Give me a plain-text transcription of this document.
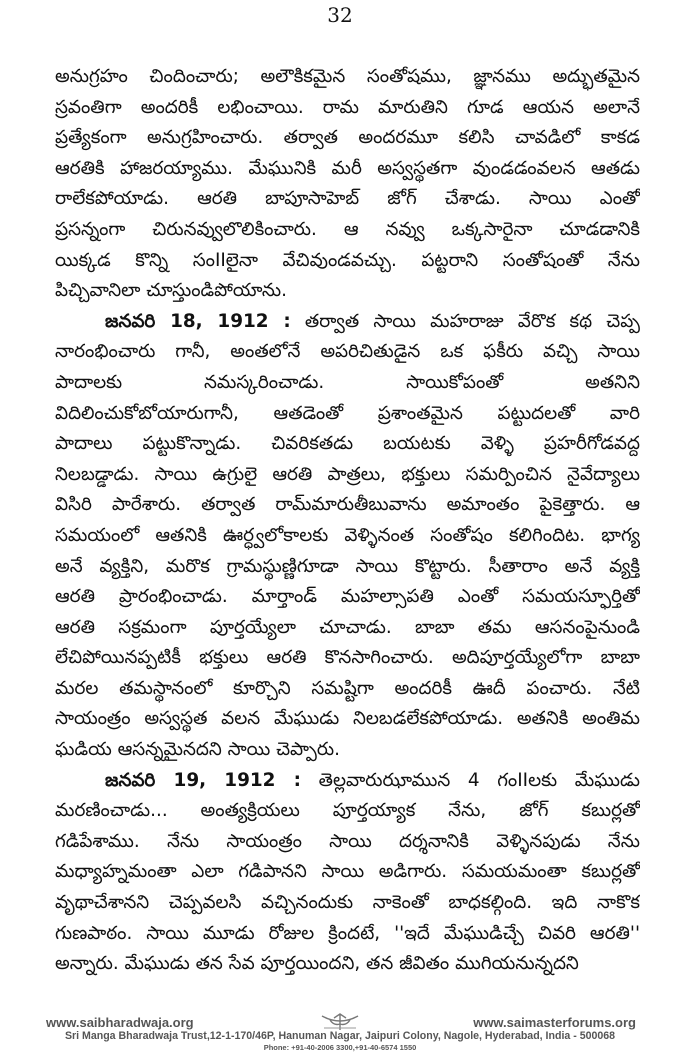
32
అనుగ్రహం చిందించారు; అలౌకికమైన సంతోషము, జ్ఞానము అద్భుతమైన
స్రవంతిగా అందరికీ లభించాయి. రామ మారుతిని గూడ ఆయన అలానే
ప్రత్యేకంగా అనుగ్రహించారు. తర్వాత అందరమూ కలిసి చావడిలో కాకడ
ఆరతికి హాజరయ్యాము. మేఘునికి మరీ అస్వస్థతగా వుండడంవలన ఆతడు
రాలేకపోయాడు. ఆరతి బాపూసాహెబ్ జోగ్ చేశాడు. సాయి ఎంతో
ప్రసన్నంగా చిరునవ్వులొలికించారు. ఆ నవ్వు ఒక్కసారైనా చూడడానికి
యిక్కడ కొన్ని సంIIలైనా వేచివుండవచ్చు. పట్టరాని సంతోషంతో నేను
పిచ్చివానిలా చూస్తుండిపోయాను.
జనవరి 18, 1912 : తర్వాత సాయి మహరాజు వేరొక కథ చెప్ప
నారంభించారు గానీ, అంతలోనే అపరిచితుడైన ఒక ఫకీరు వచ్చి సాయి
పాదాలకు నమస్కరించాడు. సాయికోపంతో అతనిని
విదిలించుకోబోయారుగానీ, ఆతడెంతో ప్రశాంతమైన పట్టుదలతో వారి
పాదాలు పట్టుకొన్నాడు. చివరికతడు బయటకు వెళ్ళి ప్రహరీగోడవద్ద
నిలబడ్డాడు. సాయి ఉగ్రులై ఆరతి పాత్రలు, భక్తులు సమర్పించిన నైవేద్యాలు
విసిరి పారేశారు. తర్వాత రామ్‌మారుతీబువాను అమాంతం పైకెత్తారు. ఆ
సమయంలో ఆతనికి ఊర్ధ్వలోకాలకు వెళ్ళినంత సంతోషం కలిగిందిట. భాగ్య
అనే వ్యక్తిని, మరొక గ్రామస్థుణ్ణిగూడా సాయి కొట్టారు. సీతారాం అనే వ్యక్తి
ఆరతి ప్రారంభించాడు. మార్తాండ్ మహల్సాపతి ఎంతో సమయస్ఫూర్తితో
ఆరతి సక్రమంగా పూర్తయ్యేలా చూచాడు. బాబా తమ ఆసనంపైనుండి
లేచిపోయినప్పటికీ భక్తులు ఆరతి కొనసాగించారు. అదిపూర్తయ్యేలోగా బాబా
మరల తమస్థానంలో కూర్చొని సమష్టిగా అందరికీ ఊదీ పంచారు. నేటి
సాయంత్రం అస్వస్థత వలన మేఘుడు నిలబడలేకపోయాడు. అతనికి అంతిమ
ఘడియ ఆసన్నమైనదని సాయి చెప్పారు.
జనవరి 19, 1912 : తెల్లవారుఝామున 4 గంIIలకు మేఘుడు
మరణించాడు... అంత్యక్రియలు పూర్తయ్యాక నేను, జోగ్ కబుర్లతో
గడిపేశాము. నేను సాయంత్రం సాయి దర్శనానికి వెళ్ళినపుడు నేను
మధ్యాహ్నమంతా ఎలా గడిపానని సాయి అడిగారు. సమయమంతా కబుర్లతో
వృథాచేశానని చెప్పవలసి వచ్చినందుకు నాకెంతో బాధకల్గింది. ఇది నాకొక
గుణపాఠం. సాయి మూడు రోజుల క్రిందటే, ''ఇదే మేఘుడిచ్చే చివరి ఆరతి''
అన్నారు. మేఘుడు తన సేవ పూర్తయిందని, తన జీవితం ముగియనున్నదని
www.saibharadwaja.org	www.saimasterforums.org
Sri Manga Bharadwaja Trust,12-1-170/46P, Hanuman Nagar, Jaipuri Colony, Nagole, Hyderabad, India - 500068
Phone: +91-40-2006 3300,+91-40-6574 1550
